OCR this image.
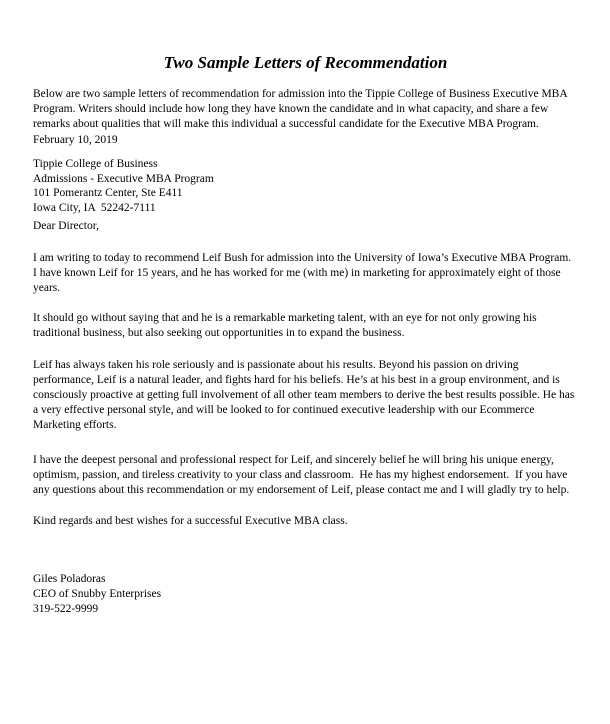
Two Sample Letters of Recommendation

Below are two sample letters of recommendation for admission into the Tippie College of Business Executive MBA Program. Writers should include how long they have known the candidate and in what capacity, and share a few remarks about qualities that will make this individual a successful candidate for the Executive MBA Program.

February 10, 2019

Tippie College of Business
Admissions - Executive MBA Program
101 Pomerantz Center, Ste E411
Iowa City, IA  52242-7111

Dear Director,

I am writing to today to recommend Leif Bush for admission into the University of Iowa’s Executive MBA Program.  I have known Leif for 15 years, and he has worked for me (with me) in marketing for approximately eight of those years.

It should go without saying that and he is a remarkable marketing talent, with an eye for not only growing his traditional business, but also seeking out opportunities in to expand the business.

Leif has always taken his role seriously and is passionate about his results. Beyond his passion on driving performance, Leif is a natural leader, and fights hard for his beliefs. He’s at his best in a group environment, and is consciously proactive at getting full involvement of all other team members to derive the best results possible. He has a very effective personal style, and will be looked to for continued executive leadership with our Ecommerce Marketing efforts.

I have the deepest personal and professional respect for Leif, and sincerely belief he will bring his unique energy, optimism, passion, and tireless creativity to your class and classroom.  He has my highest endorsement.  If you have any questions about this recommendation or my endorsement of Leif, please contact me and I will gladly try to help.

Kind regards and best wishes for a successful Executive MBA class.

Giles Poladoras
CEO of Snubby Enterprises
319-522-9999
